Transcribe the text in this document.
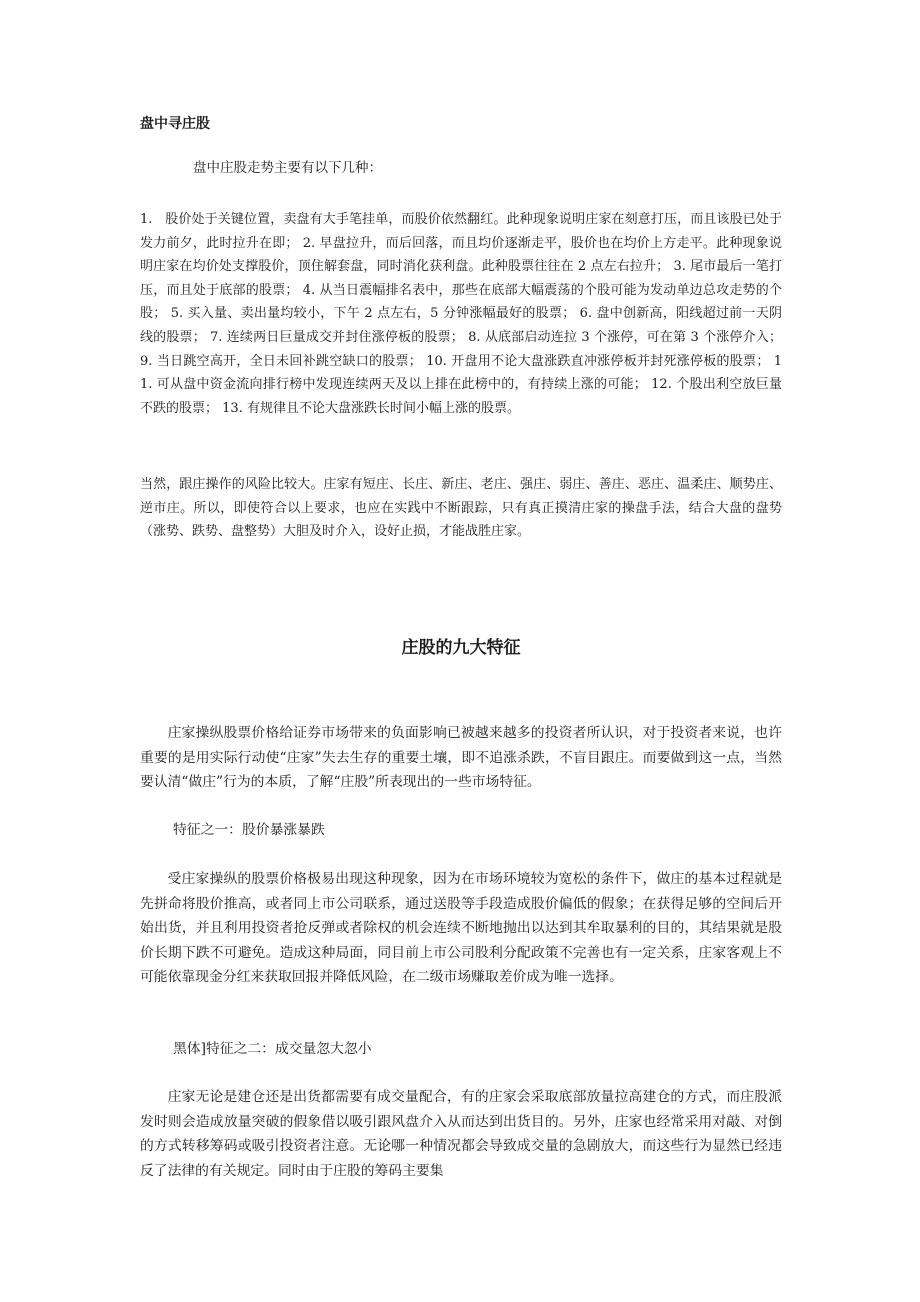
盘中寻庄股
盘中庄股走势主要有以下几种：

1. 股价处于关键位置，卖盘有大手笔挂单，而股价依然翻红。此种现象说明庄家在刻意打压，而且该股已处于发力前夕，此时拉升在即； 2. 早盘拉升，而后回落，而且均价逐渐走平，股价也在均价上方走平。此种现象说明庄家在均价处支撑股价，顶住解套盘，同时消化获利盘。此种股票往往在 2 点左右拉升； 3. 尾市最后一笔打压，而且处于底部的股票； 4. 从当日震幅排名表中，那些在底部大幅震荡的个股可能为发动单边总攻走势的个股； 5. 买入量、卖出量均较小，下午 2 点左右，5 分钟涨幅最好的股票； 6. 盘中创新高，阳线超过前一天阴线的股票； 7. 连续两日巨量成交并封住涨停板的股票； 8. 从底部启动连拉 3 个涨停，可在第 3 个涨停介入； 9. 当日跳空高开，全日未回补跳空缺口的股票； 10. 开盘用不论大盘涨跌直冲涨停板并封死涨停板的股票； 11. 可从盘中资金流向排行榜中发现连续两天及以上排在此榜中的，有持续上涨的可能； 12. 个股出利空放巨量不跌的股票； 13. 有规律且不论大盘涨跌长时间小幅上涨的股票。

当然，跟庄操作的风险比较大。庄家有短庄、长庄、新庄、老庄、强庄、弱庄、善庄、恶庄、温柔庄、顺势庄、逆市庄。所以，即使符合以上要求，也应在实践中不断跟踪，只有真正摸清庄家的操盘手法，结合大盘的盘势（涨势、跌势、盘整势）大胆及时介入，设好止损，才能战胜庄家。

庄股的九大特征

庄家操纵股票价格给证券市场带来的负面影响已被越来越多的投资者所认识，对于投资者来说，也许重要的是用实际行动使“庄家”失去生存的重要土壤，即不追涨杀跌，不盲目跟庄。而要做到这一点，当然要认清“做庄”行为的本质，了解“庄股”所表现出的一些市场特征。

特征之一：股价暴涨暴跌

受庄家操纵的股票价格极易出现这种现象，因为在市场环境较为宽松的条件下，做庄的基本过程就是先拼命将股价推高，或者同上市公司联系，通过送股等手段造成股价偏低的假象；在获得足够的空间后开始出货，并且利用投资者抢反弹或者除权的机会连续不断地抛出以达到其牟取暴利的目的，其结果就是股价长期下跌不可避免。造成这种局面，同目前上市公司股利分配政策不完善也有一定关系，庄家客观上不可能依靠现金分红来获取回报并降低风险，在二级市场赚取差价成为唯一选择。

黑体]特征之二：成交量忽大忽小

庄家无论是建仓还是出货都需要有成交量配合，有的庄家会采取底部放量拉高建仓的方式，而庄股派发时则会造成放量突破的假象借以吸引跟风盘介入从而达到出货目的。另外，庄家也经常采用对敲、对倒的方式转移筹码或吸引投资者注意。无论哪一种情况都会导致成交量的急剧放大，而这些行为显然已经违反了法律的有关规定。同时由于庄股的筹码主要集
